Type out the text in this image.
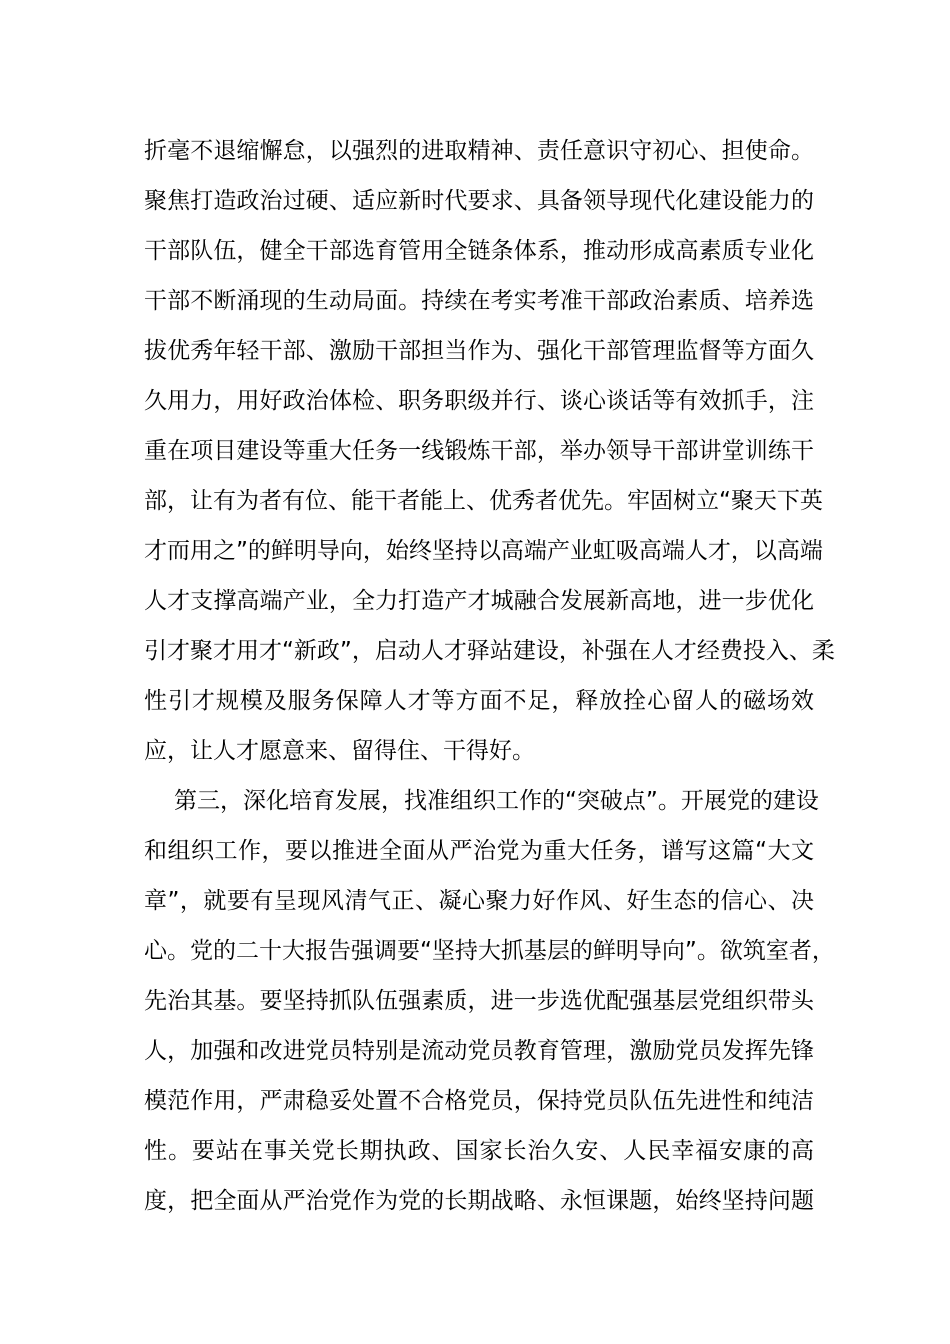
折毫不退缩懈怠，以强烈的进取精神、责任意识守初心、担使命。
聚焦打造政治过硬、适应新时代要求、具备领导现代化建设能力的
干部队伍，健全干部选育管用全链条体系，推动形成高素质专业化
干部不断涌现的生动局面。持续在考实考准干部政治素质、培养选
拔优秀年轻干部、激励干部担当作为、强化干部管理监督等方面久
久用力，用好政治体检、职务职级并行、谈心谈话等有效抓手，注
重在项目建设等重大任务一线锻炼干部，举办领导干部讲堂训练干
部，让有为者有位、能干者能上、优秀者优先。牢固树立“聚天下英
才而用之”的鲜明导向，始终坚持以高端产业虹吸高端人才，以高端
人才支撑高端产业，全力打造产才城融合发展新高地，进一步优化
引才聚才用才“新政”，启动人才驿站建设，补强在人才经费投入、柔
性引才规模及服务保障人才等方面不足，释放拴心留人的磁场效
应，让人才愿意来、留得住、干得好。
第三，深化培育发展，找准组织工作的“突破点”。开展党的建设
和组织工作，要以推进全面从严治党为重大任务，谱写这篇“大文
章”，就要有呈现风清气正、凝心聚力好作风、好生态的信心、决
心。党的二十大报告强调要“坚持大抓基层的鲜明导向”。欲筑室者，
先治其基。要坚持抓队伍强素质，进一步选优配强基层党组织带头
人，加强和改进党员特别是流动党员教育管理，激励党员发挥先锋
模范作用，严肃稳妥处置不合格党员，保持党员队伍先进性和纯洁
性。要站在事关党长期执政、国家长治久安、人民幸福安康的高
度，把全面从严治党作为党的长期战略、永恒课题，始终坚持问题
